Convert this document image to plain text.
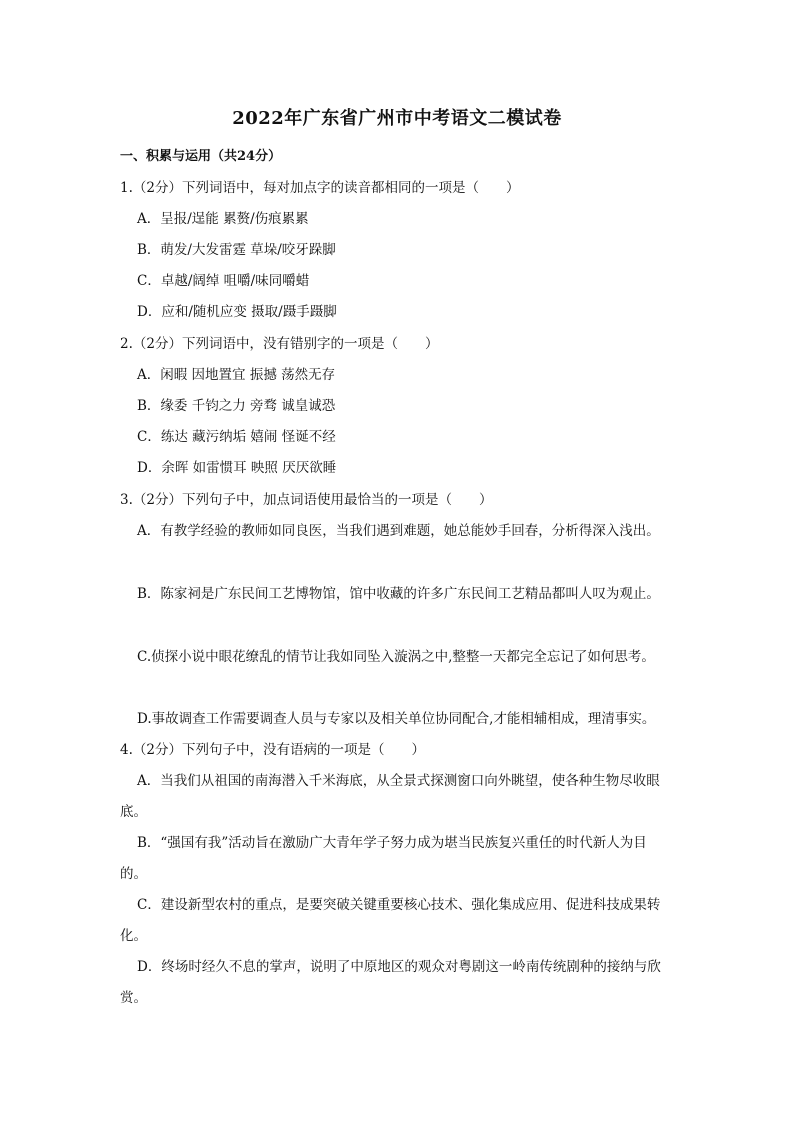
2022年广东省广州市中考语文二模试卷
一、积累与运用（共24分）
1.（2分）下列词语中，每对加点字的读音都相同的一项是（　　）
A．呈报/逞能 累赘/伤痕累累
B．萌发/大发雷霆 草垛/咬牙跺脚
C．卓越/阔绰 咀嚼/味同嚼蜡
D．应和/随机应变 摄取/蹑手蹑脚
2.（2分）下列词语中，没有错别字的一项是（　　）
A．闲暇 因地置宜 振撼 荡然无存
B．缘委 千钧之力 旁骛 诚皇诚恐
C．练达 藏污纳垢 嬉闹 怪诞不经
D．余晖 如雷惯耳 映照 厌厌欲睡
3.（2分）下列句子中，加点词语使用最恰当的一项是（　　）
A．有教学经验的教师如同良医，当我们遇到难题，她总能妙手回春，分析得深入浅出。
B．陈家祠是广东民间工艺博物馆，馆中收藏的许多广东民间工艺精品都叫人叹为观止。
C.侦探小说中眼花缭乱的情节让我如同坠入漩涡之中,整整一天都完全忘记了如何思考。
D.事故调查工作需要调查人员与专家以及相关单位协同配合,才能相辅相成，理清事实。
4.（2分）下列句子中，没有语病的一项是（　　）
A．当我们从祖国的南海潜入千米海底，从全景式探测窗口向外眺望，使各种生物尽收眼
底。
B．“强国有我”活动旨在激励广大青年学子努力成为堪当民族复兴重任的时代新人为目
的。
C．建设新型农村的重点，是要突破关键重要核心技术、强化集成应用、促进科技成果转
化。
D．终场时经久不息的掌声，说明了中原地区的观众对粤剧这一岭南传统剧种的接纳与欣
赏。
